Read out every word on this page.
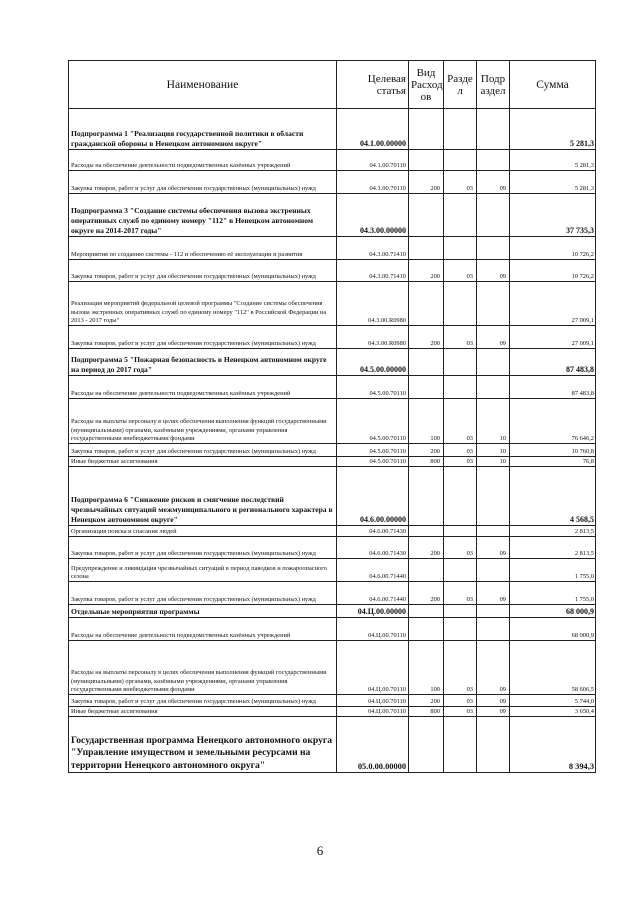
Наименование	Целевая статья	Вид Расход ов	Разде л	Подр аздел	Сумма
Подпрограмма 1 "Реализация государственной политики в области гражданской обороны в Ненецком автономном округе"	04.1.00.00000				5 281,3
Расходы на обеспечение деятельности подведомственных казённых учреждений	04.1.00.70110				5 281,3
Закупка товаров, работ и услуг для обеспечения государственных (муниципальных) нужд	04.1.00.70110	200	03	09	5 281,3
Подпрограмма 3 "Создание системы обеспечения вызова экстренных оперативных служб по единому номеру "112" в Ненецком автономном округе на 2014-2017 годы"	04.3.00.00000				37 735,3
Мероприятия по созданию системы - 112 и обеспечению её эксплуатации и развития	04.3.00.71410				10 726,2
Закупка товаров, работ и услуг для обеспечения государственных (муниципальных) нужд	04.3.00.71410	200	03	09	10 726,2
Реализация мероприятий федеральной целевой программы "Создание системы обеспечения вызова экстренных оперативных служб по единому номеру "112" в Российской Федерации на 2013 - 2017 годы"	04.3.00.R0980				27 009,1
Закупка товаров, работ и услуг для обеспечения государственных (муниципальных) нужд	04.3.00.R0980	200	03	09	27 009,1
Подпрограмма 5 "Пожарная безопасность в Ненецком автономном округе на период до 2017 года"	04.5.00.00000				87 483,8
Расходы на обеспечение деятельности подведомственных казённых учреждений	04.5.00.70110				87 483,8
Расходы на выплаты персоналу в целях обеспечения выполнения функций государственными (муниципальными) органами, казёнными учреждениями, органами управления государственными внебюджетными фондами	04.5.00.70110	100	03	10	76 646,2
Закупка товаров, работ и услуг для обеспечения государственных (муниципальных) нужд	04.5.00.70110	200	03	10	10 760,8
Иные бюджетные ассигнования	04.5.00.70110	800	03	10	76,8
Подпрограмма 6 "Снижение рисков и смягчение последствий чрезвычайных ситуаций межмуниципального и регионального характера в Ненецком автономном округе"	04.6.00.00000				4 568,5
Организация поиска и спасания людей	04.6.00.71430				2 813,5
Закупка товаров, работ и услуг для обеспечения государственных (муниципальных) нужд	04.6.00.71430	200	03	09	2 813,5
Предупреждение и ликвидация чрезвычайных ситуаций в период паводков и пожароопасного сезона	04.6.00.71440				1 755,0
Закупка товаров, работ и услуг для обеспечения государственных (муниципальных) нужд	04.6.00.71440	200	03	09	1 755,0
Отдельные мероприятия программы	04.Ц.00.00000				68 000,9
Расходы на обеспечение деятельности подведомственных казённых учреждений	04.Ц.00.70110				68 000,9
Расходы на выплаты персоналу в целях обеспечения выполнения функций государственными (муниципальными) органами, казёнными учреждениями, органами управления государственными внебюджетными фондами	04.Ц.00.70110	100	03	09	58 606,5
Закупка товаров, работ и услуг для обеспечения государственных (муниципальных) нужд	04.Ц.00.70110	200	03	09	5 744,0
Иные бюджетные ассигнования	04.Ц.00.70110	800	03	09	3 650,4
Государственная программа Ненецкого автономного округа "Управление имуществом и земельными ресурсами на территории Ненецкого автономного округа"	05.0.00.00000				8 394,3
6
